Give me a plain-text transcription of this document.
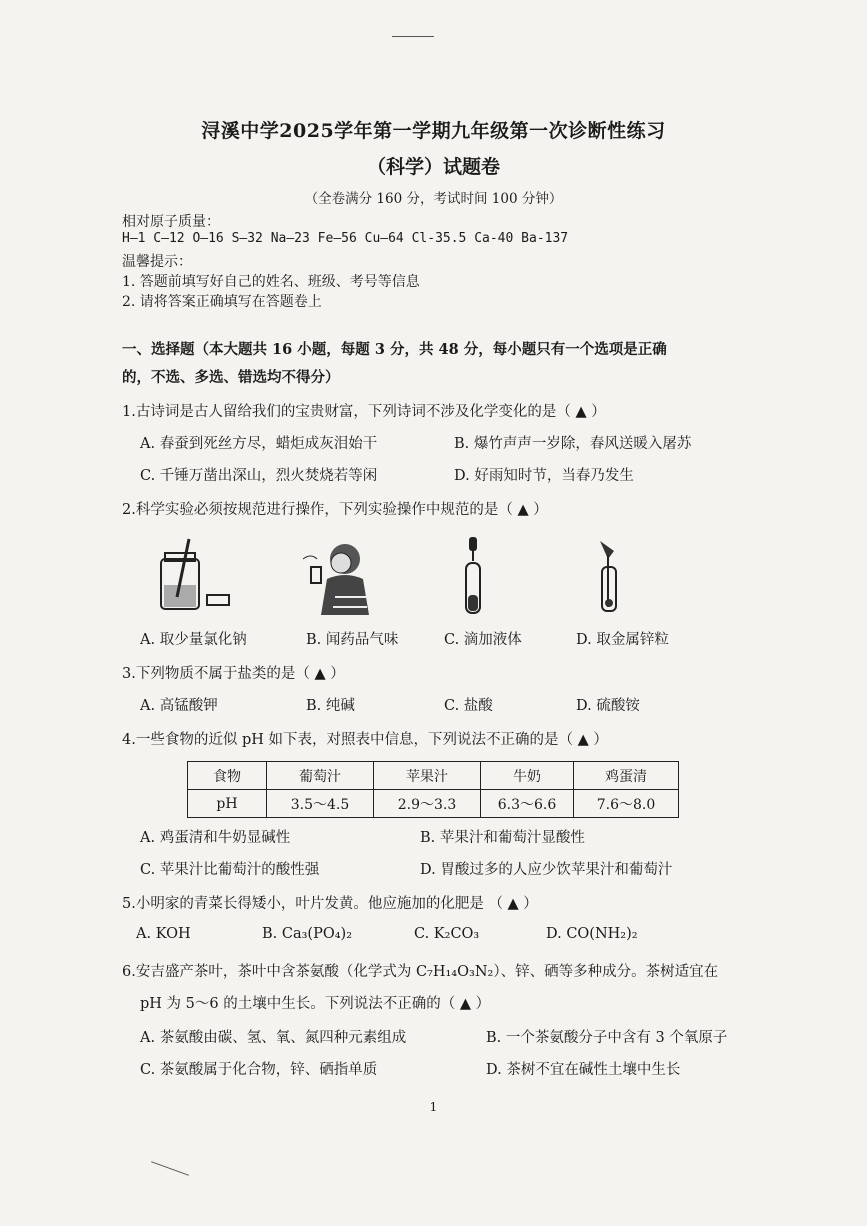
浔溪中学2025学年第一学期九年级第一次诊断性练习
（科学）试题卷
（全卷满分 160 分，考试时间 100 分钟）
相对原子质量：
H—1 C—12 O—16 S—32 Na—23 Fe—56 Cu—64 Cl-35.5 Ca-40 Ba-137
温馨提示：
1. 答题前填写好自己的姓名、班级、考号等信息
2. 请将答案正确填写在答题卷上
一、选择题（本大题共 16 小题，每题 3 分，共 48 分，每小题只有一个选项是正确
的，不选、多选、错选均不得分）
1.古诗词是古人留给我们的宝贵财富，下列诗词不涉及化学变化的是（ ▲ ）
A. 春蚕到死丝方尽，蜡炬成灰泪始干	B. 爆竹声声一岁除，春风送暖入屠苏
C. 千锤万凿出深山，烈火焚烧若等闲	D. 好雨知时节，当春乃发生
2.科学实验必须按规范进行操作，下列实验操作中规范的是（ ▲ ）
A. 取少量氯化钠	B. 闻药品气味	C. 滴加液体	D. 取金属锌粒
3.下列物质不属于盐类的是（ ▲ ）
A. 高锰酸钾	B. 纯碱	C. 盐酸	D. 硫酸铵
4.一些食物的近似 pH 如下表，对照表中信息，下列说法不正确的是（ ▲ ）
食物	葡萄汁	苹果汁	牛奶	鸡蛋清
pH	3.5～4.5	2.9～3.3	6.3～6.6	7.6～8.0
A. 鸡蛋清和牛奶显碱性	B. 苹果汁和葡萄汁显酸性
C. 苹果汁比葡萄汁的酸性强	D. 胃酸过多的人应少饮苹果汁和葡萄汁
5.小明家的青菜长得矮小，叶片发黄。他应施加的化肥是 （ ▲ ）
A. KOH	B. Ca₃(PO₄)₂	C. K₂CO₃	D. CO(NH₂)₂
6.安吉盛产茶叶，茶叶中含茶氨酸（化学式为 C₇H₁₄O₃N₂）、锌、硒等多种成分。茶树适宜在
pH 为 5～6 的土壤中生长。下列说法不正确的（ ▲ ）
A. 茶氨酸由碳、氢、氧、氮四种元素组成	B. 一个茶氨酸分子中含有 3 个氧原子
C. 茶氨酸属于化合物，锌、硒指单质	D. 茶树不宜在碱性土壤中生长
1
